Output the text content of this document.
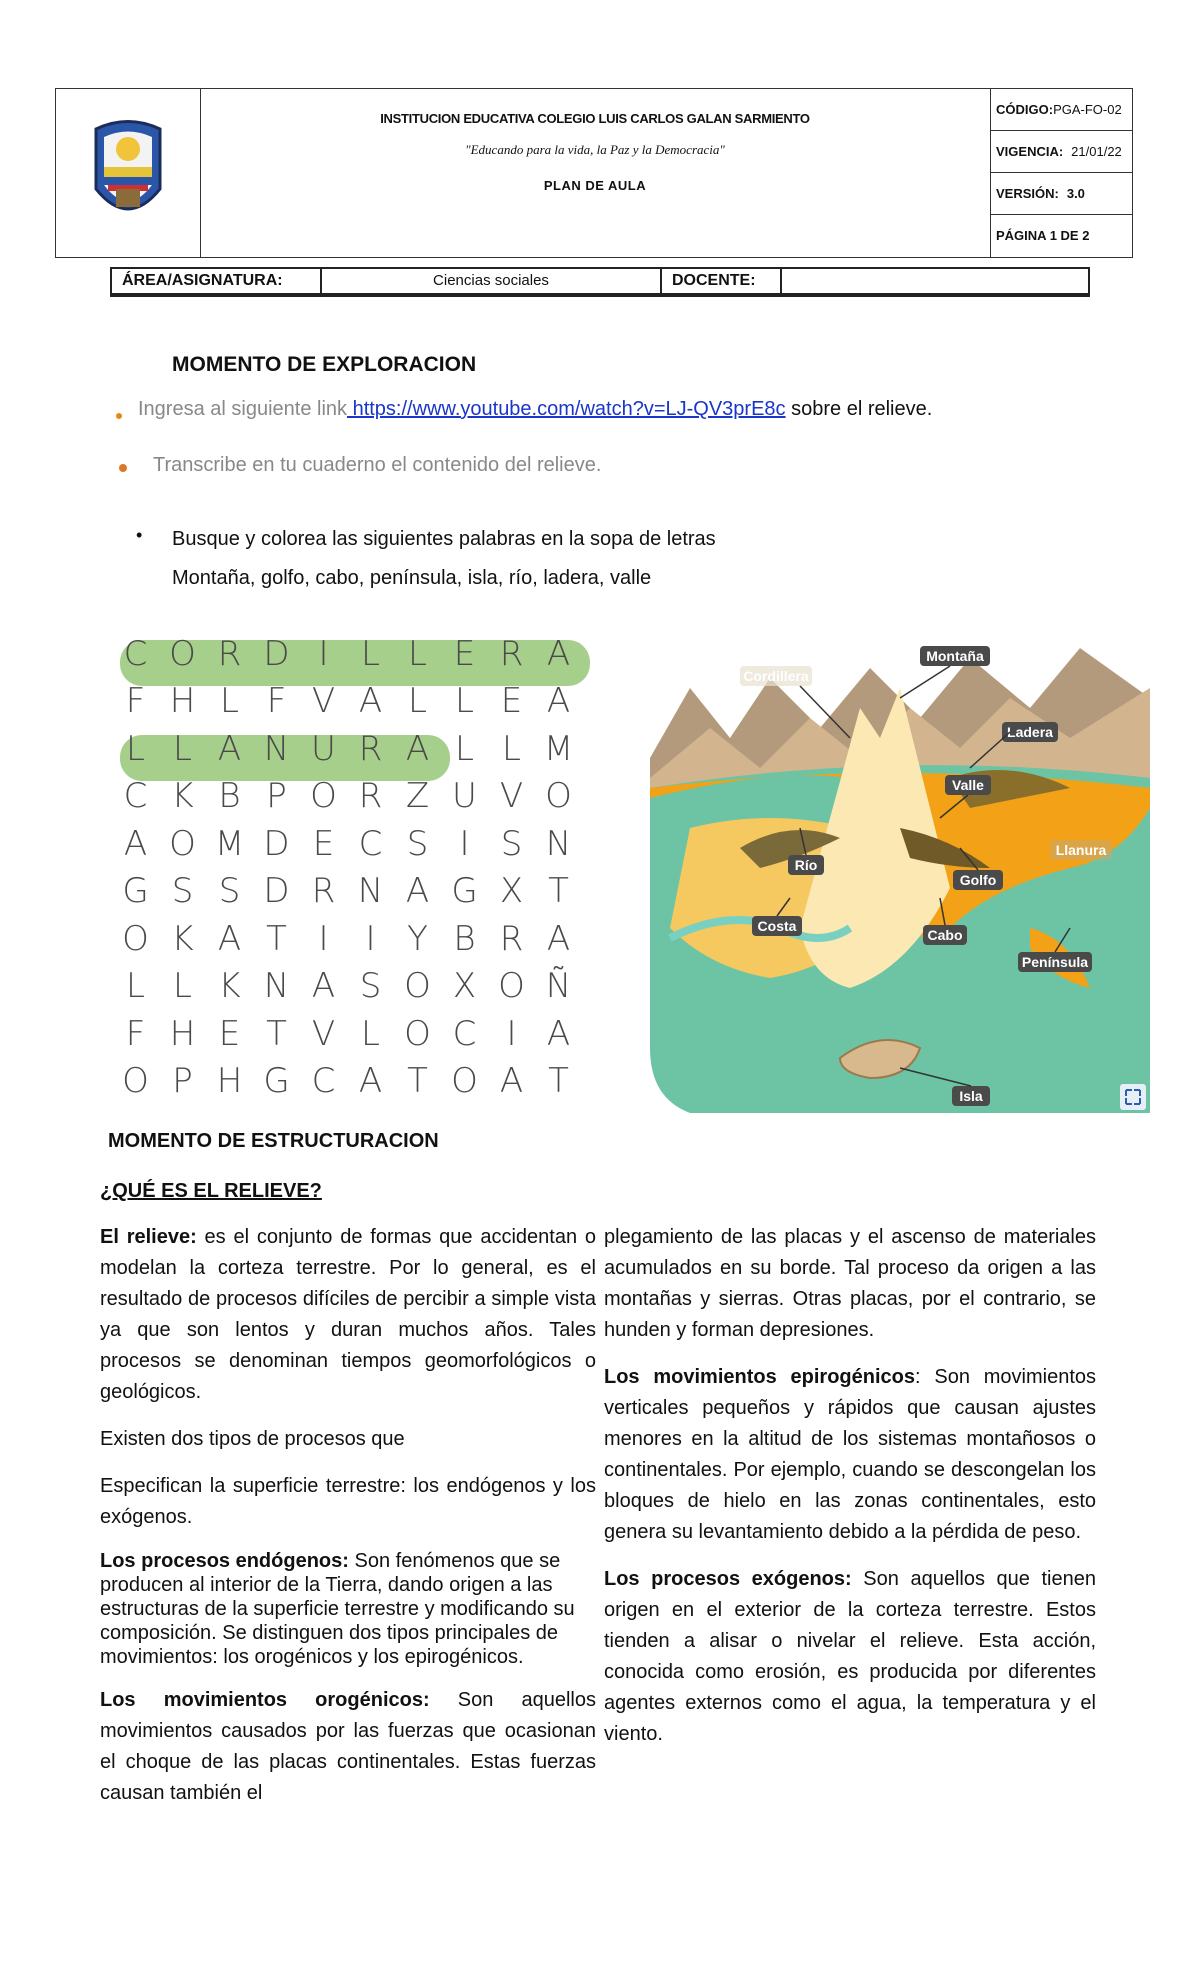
INSTITUCION EDUCATIVA COLEGIO LUIS CARLOS GALAN SARMIENTO
"Educando para la vida, la Paz y la Democracia"
PLAN DE AULA
CÓDIGO:PGA-FO-02
VIGENCIA: 21/01/22
VERSIÓN: 3.0
PÁGINA 1 DE 2
ÁREA/ASIGNATURA:	Ciencias sociales	DOCENTE:
MOMENTO DE EXPLORACION
Ingresa al siguiente link https://www.youtube.com/watch?v=LJ-QV3prE8c sobre el relieve.
Transcribe en tu cuaderno el contenido del relieve.
• Busque y colorea las siguientes palabras en la sopa de letras
Montaña, golfo, cabo, península, isla, río, ladera, valle
C O R D I L L E R A
F H L F V A L L E A
L L A N U R A L L M
C K B P O R Z U V O
A O M D E C S I S N
G S S D R N A G X T
O K A T I	I Y B R A
L L K N A S O X O Ñ
F H E T V L O C I A
O P H G C A T O A T
Cordillera
Montaña
Ladera
Valle
Llanura
Río
Golfo
Costa
Cabo
Península
Isla
MOMENTO DE ESTRUCTURACION
¿QUÉ ES EL RELIEVE?

El relieve: es el conjunto de formas que accidentan o modelan la corteza terrestre. Por lo general, es el resultado de procesos difíciles de percibir a simple vista ya que son lentos y duran muchos años. Tales procesos se denominan tiempos geomorfológicos o geológicos.

Existen dos tipos de procesos que

Especifican la superficie terrestre: los endógenos y los exógenos.

Los procesos endógenos: Son fenómenos que se producen al interior de la Tierra, dando origen a las estructuras de la superficie terrestre y modificando su composición. Se distinguen dos tipos principales de movimientos: los orogénicos y los epirogénicos.

Los movimientos orogénicos: Son aquellos movimientos causados por las fuerzas que ocasionan el choque de las placas continentales. Estas fuerzas causan también el

plegamiento de las placas y el ascenso de materiales acumulados en su borde. Tal proceso da origen a las montañas y sierras. Otras placas, por el contrario, se hunden y forman depresiones.

Los movimientos epirogénicos: Son movimientos verticales pequeños y rápidos que causan ajustes menores en la altitud de los sistemas montañosos o continentales. Por ejemplo, cuando se descongelan los bloques de hielo en las zonas continentales, esto genera su levantamiento debido a la pérdida de peso.

Los procesos exógenos: Son aquellos que tienen origen en el exterior de la corteza terrestre. Estos tienden a alisar o nivelar el relieve. Esta acción, conocida como erosión, es producida por diferentes agentes externos como el agua, la temperatura y el viento.
